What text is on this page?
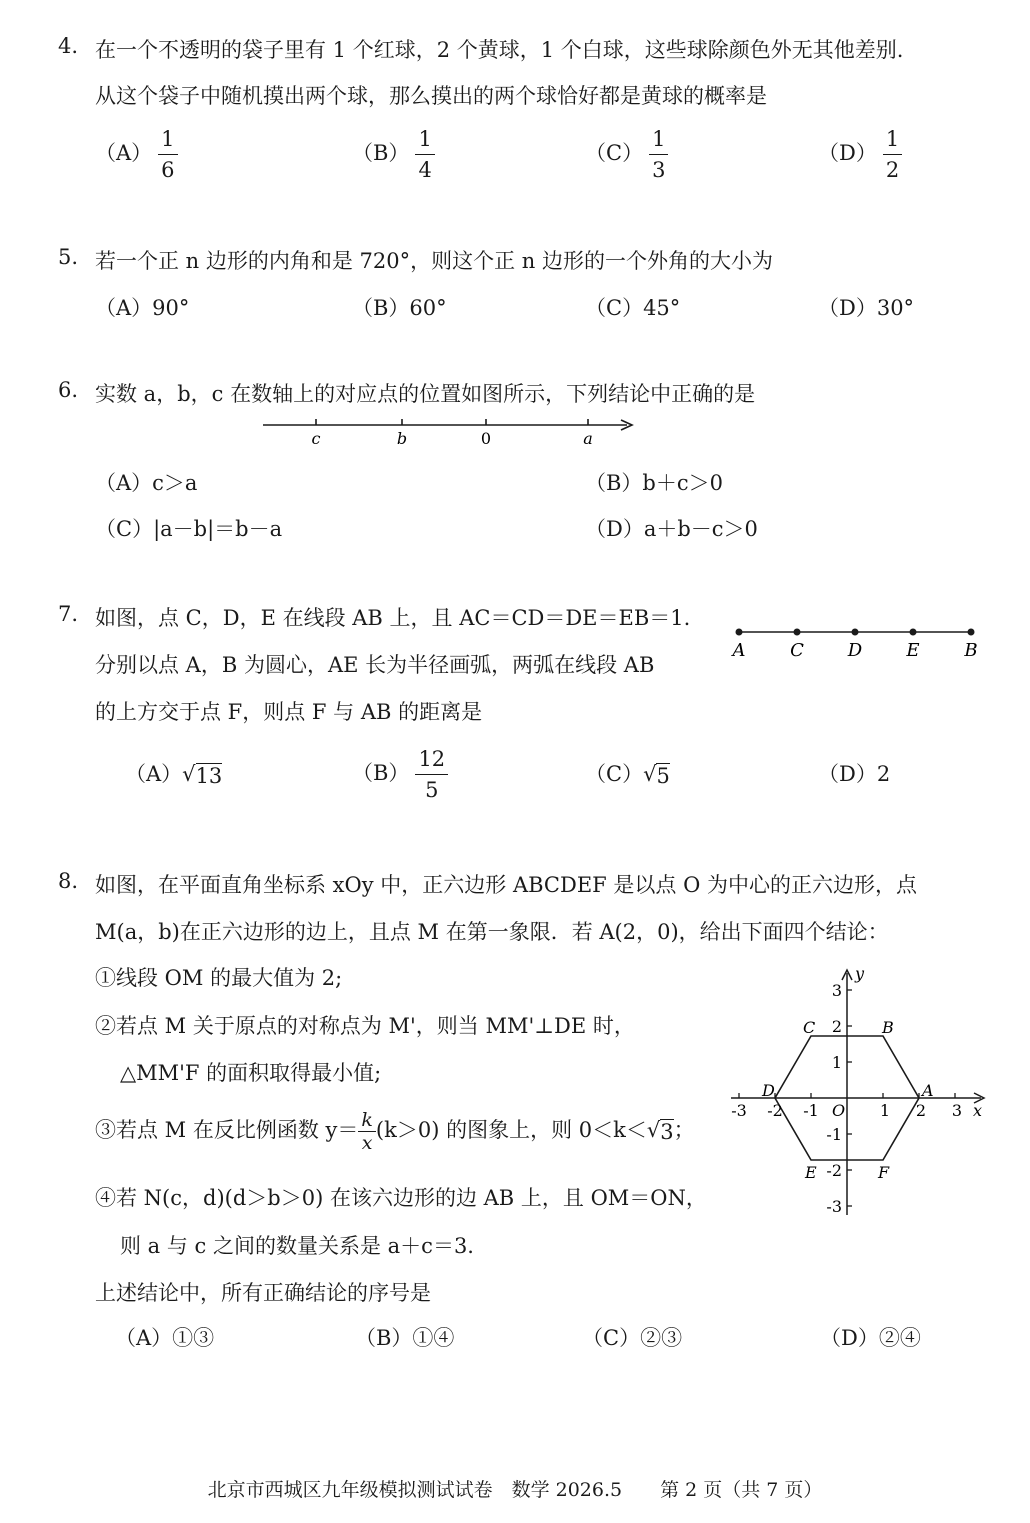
4. 在一个不透明的袋子里有 1 个红球，2 个黄球，1 个白球，这些球除颜色外无其他差别.
从这个袋子中随机摸出两个球，那么摸出的两个球恰好都是黄球的概率是
$(A) \frac{1}{6}$	$(B) \frac{1}{4}$	$(C) \frac{1}{3}$	$(D) \frac{1}{2}$
5. 若一个正 n 边形的内角和是 720°，则这个正 n 边形的一个外角的大小为
（A）90°	（B）60°	（C）45°	（D）30°
6. 实数 a，b，c 在数轴上的对应点的位置如图所示，下列结论中正确的是
c	b	0	a
（A）c＞a	（B）b＋c＞0
（C）|a－b|＝b－a	（D）a＋b－c＞0
7. 如图，点 C，D，E 在线段 AB 上，且 AC＝CD＝DE＝EB＝1.
分别以点 A，B 为圆心，AE 长为半径画弧，两弧在线段 AB
的上方交于点 F，则点 F 与 AB 的距离是
A C D E B
（A）√13	$(B) \frac{12}{5}$	（C）√5	（D）2
8. 如图，在平面直角坐标系 xOy 中，正六边形 ABCDEF 是以点 O 为中心的正六边形，点
M(a，b)在正六边形的边上，且点 M 在第一象限．若 A(2，0)，给出下面四个结论：
①线段 OM 的最大值为 2;
②若点 M 关于原点的对称点为 M'，则当 MM'⊥DE 时，
△MM'F 的面积取得最小值;
③若点 M 在反比例函数 $y= \frac{k}{x} (k>0)$ 的图象上，则 0＜k＜√3；
④若 N(c，d)(d＞b＞0) 在该六边形的边 AB 上，且 OM＝ON，
则 a 与 c 之间的数量关系是 a＋c＝3.
上述结论中，所有正确结论的序号是
（A）①③	（B）①④	（C）②③	（D）②④
x
y
O
-3 -2 -1	1 2 3
3
2
1
-1
-2
-3
A
B
C
D
E	F
北京市西城区九年级模拟测试试卷　数学 2026.5　　第 2 页（共 7 页）
